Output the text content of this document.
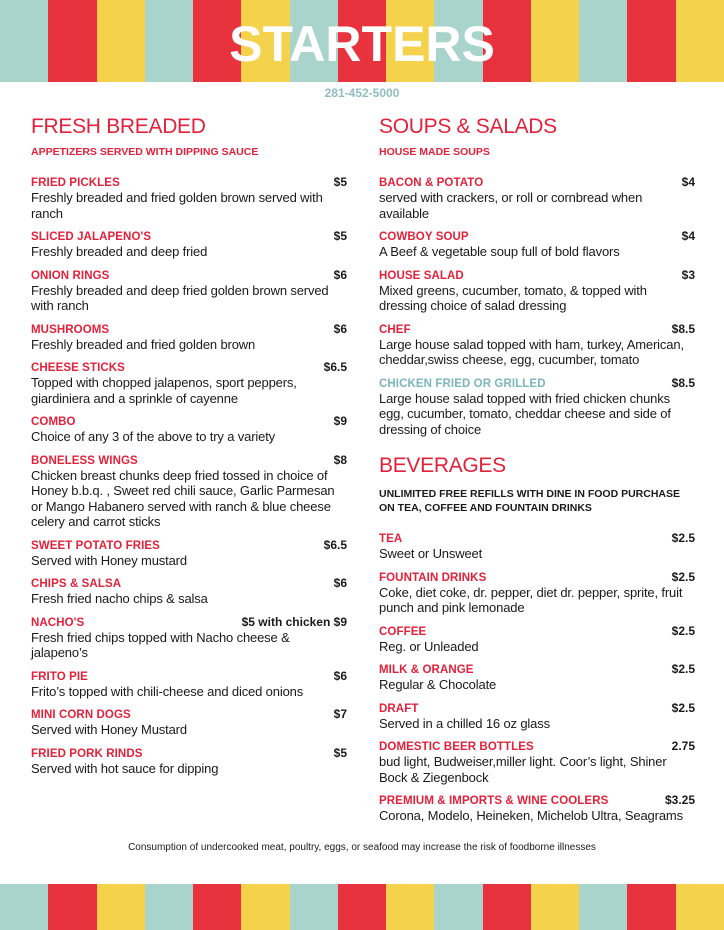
STARTERS
281-452-5000
FRESH BREADED
APPETIZERS SERVED WITH DIPPING SAUCE
FRIED PICKLES	$5
Freshly breaded and fried golden brown served with ranch
SLICED JALAPENO'S	$5
Freshly breaded and deep fried
ONION RINGS	$6
Freshly breaded and deep fried golden brown served with ranch
MUSHROOMS	$6
Freshly breaded and fried golden brown
CHEESE STICKS	$6.5
Topped with chopped jalapenos, sport peppers, giardiniera and a sprinkle of cayenne
COMBO	$9
Choice of any 3 of the above to try a variety
BONELESS WINGS	$8
Chicken breast chunks deep fried tossed in choice of Honey b.b.q. , Sweet red chili sauce, Garlic Parmesan or Mango Habanero served with ranch & blue cheese celery and carrot sticks
SWEET POTATO FRIES	$6.5
Served with Honey mustard
CHIPS & SALSA	$6
Fresh fried nacho chips & salsa
NACHO'S	$5 with chicken $9
Fresh fried chips topped with Nacho cheese & jalapeno’s
FRITO PIE	$6
Frito’s topped with chili-cheese and diced onions
MINI CORN DOGS	$7
Served with Honey Mustard
FRIED PORK RINDS	$5
Served with hot sauce for dipping
SOUPS & SALADS
HOUSE MADE SOUPS
BACON & POTATO	$4
served with crackers, or roll or cornbread when available
COWBOY SOUP	$4
A Beef & vegetable soup full of bold flavors
HOUSE SALAD	$3
Mixed greens, cucumber, tomato, & topped with dressing choice of salad dressing
CHEF	$8.5
Large house salad topped with ham, turkey, American, cheddar,swiss cheese, egg, cucumber, tomato
CHICKEN FRIED OR GRILLED	$8.5
Large house salad topped with fried chicken chunks egg, cucumber, tomato, cheddar cheese and side of dressing of choice
BEVERAGES
UNLIMITED FREE REFILLS WITH DINE IN FOOD PURCHASE
ON TEA, COFFEE AND FOUNTAIN DRINKS
TEA	$2.5
Sweet or Unsweet
FOUNTAIN DRINKS	$2.5
Coke, diet coke, dr. pepper, diet dr. pepper, sprite, fruit punch and pink lemonade
COFFEE	$2.5
Reg. or Unleaded
MILK & ORANGE	$2.5
Regular & Chocolate
DRAFT	$2.5
Served in a chilled 16 oz glass
DOMESTIC BEER BOTTLES	2.75
bud light, Budweiser,miller light. Coor’s light, Shiner Bock & Ziegenbock
PREMIUM & IMPORTS & WINE COOLERS	$3.25
Corona, Modelo, Heineken, Michelob Ultra, Seagrams
Consumption of undercooked meat, poultry, eggs, or seafood may increase the risk of foodborne illnesses
